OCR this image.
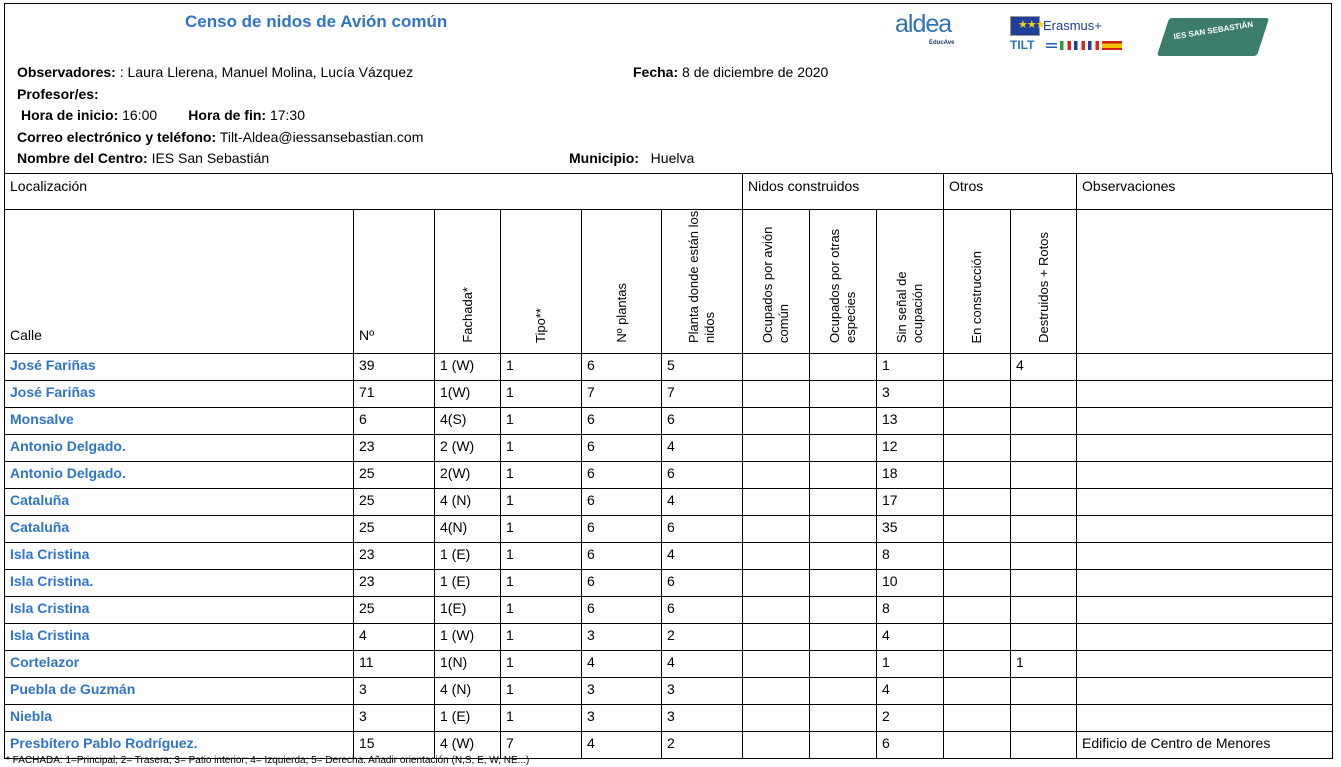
Censo de nidos de Avión común	aldea
EducAve
★★★
Erasmus+
TILT
IES SAN SEBASTIÁN
Observadores: : Laura Llerena, Manuel Molina, Lucía Vázquez	Fecha: 8 de diciembre de 2020
Profesor/es:
Hora de inicio: 16:00 Hora de fin: 17:30
Correo electrónico y teléfono: Tilt-Aldea@iessansebastian.com
Nombre del Centro: IES San Sebastián	Municipio: Huelva
Localización						Nidos construidos			Otros		Observaciones
Calle	Nº	Fachada*	Tipo**	Nº plantas	Planta donde están los nidos	Ocupados por avión común	Ocupados por otras especies	Sin señal de ocupación	En construcción	Destruidos + Rotos	

José Fariñas	39	1 (W)	1	6	5			1		4	
José Fariñas	71	1(W)	1	7	7			3			
Monsalve	6	4(S)	1	6	6			13			
Antonio Delgado.	23	2 (W)	1	6	4			12			
Antonio Delgado.	25	2(W)	1	6	6			18			
Cataluña	25	4 (N)	1	6	4			17			
Cataluña	25	4(N)	1	6	6			35			
Isla Cristina	23	1 (E)	1	6	4			8			
Isla Cristina.	23	1 (E)	1	6	6			10			
Isla Cristina	25	1(E)	1	6	6			8			
Isla Cristina	4	1 (W)	1	3	2			4			
Cortelazor	11	1(N)	1	4	4			1		1	
Puebla de Guzmán	3	4 (N)	1	3	3			4			
Niebla	3	1 (E)	1	3	3			2			
Presbítero Pablo Rodríguez.	15	4 (W)	7	4	2			6			Edificio de Centro de Menores
* FACHADA: 1=Principal; 2= Trasera; 3= Patio interior; 4= Izquierda; 5= Derecha. Añadir orientación (N,S, E, W, NE...)
